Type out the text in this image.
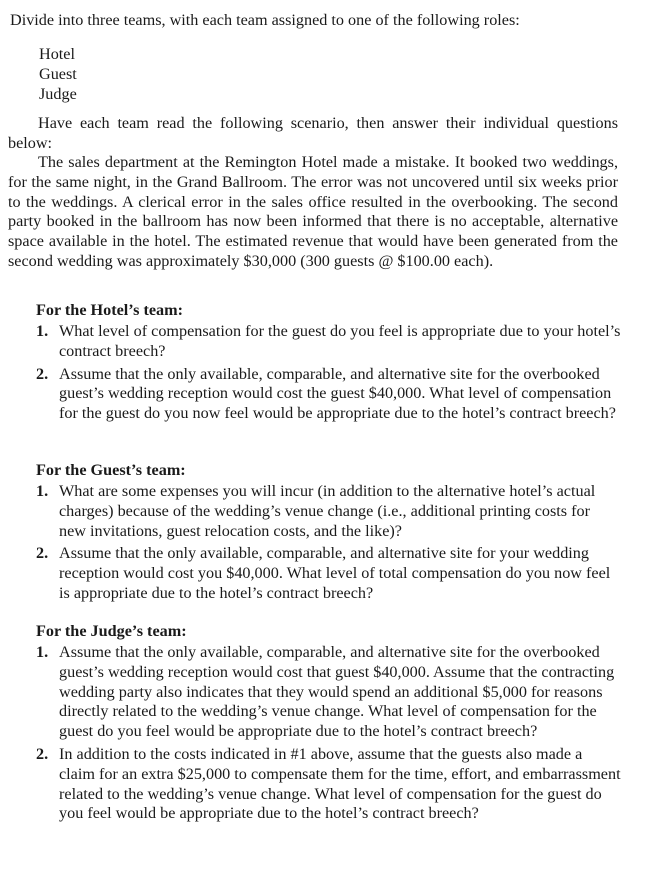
Divide into three teams, with each team assigned to one of the following roles:
Hotel
Guest
Judge
Have each team read the following scenario, then answer their individual questions below:
The sales department at the Remington Hotel made a mistake. It booked two weddings, for the same night, in the Grand Ballroom. The error was not uncovered until six weeks prior to the weddings. A clerical error in the sales office resulted in the overbooking. The second party booked in the ballroom has now been informed that there is no acceptable, alternative space available in the hotel. The estimated revenue that would have been generated from the second wedding was approximately $30,000 (300 guests @ $100.00 each).
For the Hotel’s team:
1. What level of compensation for the guest do you feel is appropriate due to your hotel’s contract breech?
2. Assume that the only available, comparable, and alternative site for the overbooked guest’s wedding reception would cost the guest $40,000. What level of compensation for the guest do you now feel would be appropriate due to the hotel’s contract breech?
For the Guest’s team:
1. What are some expenses you will incur (in addition to the alternative hotel’s actual charges) because of the wedding’s venue change (i.e., additional printing costs for new invitations, guest relocation costs, and the like)?
2. Assume that the only available, comparable, and alternative site for your wedding reception would cost you $40,000. What level of total compensation do you now feel is appropriate due to the hotel’s contract breech?
For the Judge’s team:
1. Assume that the only available, comparable, and alternative site for the overbooked guest’s wedding reception would cost that guest $40,000. Assume that the contracting wedding party also indicates that they would spend an additional $5,000 for reasons directly related to the wedding’s venue change. What level of compensation for the guest do you feel would be appropriate due to the hotel’s contract breech?
2. In addition to the costs indicated in #1 above, assume that the guests also made a claim for an extra $25,000 to compensate them for the time, effort, and embarrassment related to the wedding’s venue change. What level of compensation for the guest do you feel would be appropriate due to the hotel’s contract breech?
